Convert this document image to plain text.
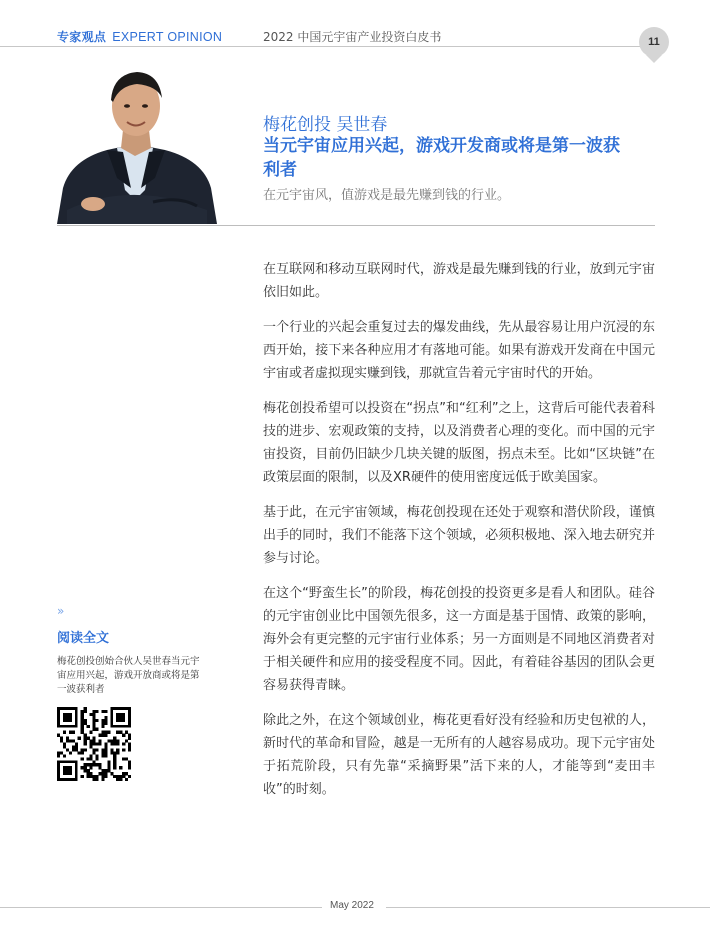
专家观点 EXPERT OPINION	2022 中国元宇宙产业投资白皮书	11
梅花创投 吴世春
当元宇宙应用兴起，游戏开发商或将是第一波获利者
在元宇宙风，值游戏是最先赚到钱的行业。

在互联网和移动互联网时代，游戏是最先赚到钱的行业，放到元宇宙依旧如此。

一个行业的兴起会重复过去的爆发曲线，先从最容易让用户沉浸的东西开始，接下来各种应用才有落地可能。如果有游戏开发商在中国元宇宙或者虚拟现实赚到钱，那就宣告着元宇宙时代的开始。

梅花创投希望可以投资在“拐点”和“红利”之上，这背后可能代表着科技的进步、宏观政策的支持，以及消费者心理的变化。而中国的元宇宙投资，目前仍旧缺少几块关键的版图，拐点未至。比如“区块链”在政策层面的限制，以及XR硬件的使用密度远低于欧美国家。

基于此，在元宇宙领域，梅花创投现在还处于观察和潜伏阶段，谨慎出手的同时，我们不能落下这个领域，必须积极地、深入地去研究并参与讨论。

在这个“野蛮生长”的阶段，梅花创投的投资更多是看人和团队。硅谷的元宇宙创业比中国领先很多，这一方面是基于国情、政策的影响，海外会有更完整的元宇宙行业体系；另一方面则是不同地区消费者对于相关硬件和应用的接受程度不同。因此，有着硅谷基因的团队会更容易获得青睐。

除此之外，在这个领域创业，梅花更看好没有经验和历史包袱的人，新时代的革命和冒险，越是一无所有的人越容易成功。现下元宇宙处于拓荒阶段，只有先靠“采摘野果”活下来的人，才能等到“麦田丰收”的时刻。

»
阅读全文
梅花创投创始合伙人吴世春当元宇宙应用兴起，游戏开放商或将是第一波获利者
May 2022
